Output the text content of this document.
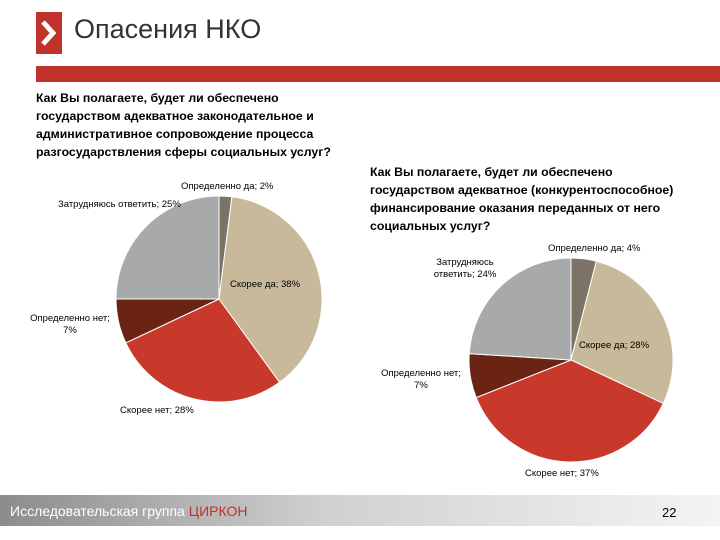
Опасения НКО
Как Вы полагаете, будет ли обеспечено государством адекватное законодательное и административное сопровождение процесса разгосударствления сферы социальных услуг?
Как Вы полагаете, будет ли обеспечено государством адекватное (конкурентоспособное) финансирование оказания переданных от него социальных услуг?
Определенно да; 2%
Затрудняюсь ответить; 25%
Скорее да; 38%
Определенно нет;
7%
Скорее нет; 28%
Определенно да; 4%
Затрудняюсь ответить; 24%
Скорее да; 28%
Определенно нет;
7%
Скорее нет; 37%
Исследовательская группа ЦИРКОН	22
